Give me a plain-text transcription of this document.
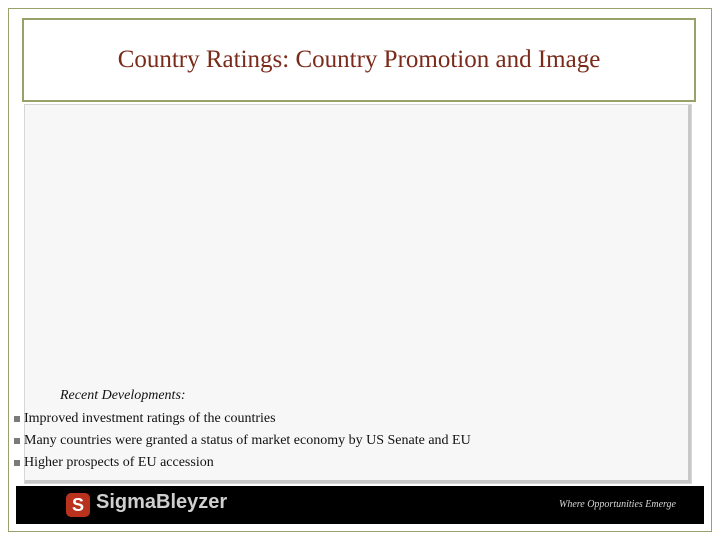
Country Ratings: Country Promotion and Image
Recent Developments:
Improved investment ratings of the countries
Many countries were granted a status of market economy by US Senate and EU
Higher prospects of EU accession
S SigmaBleyzer	Where Opportunities Emerge
